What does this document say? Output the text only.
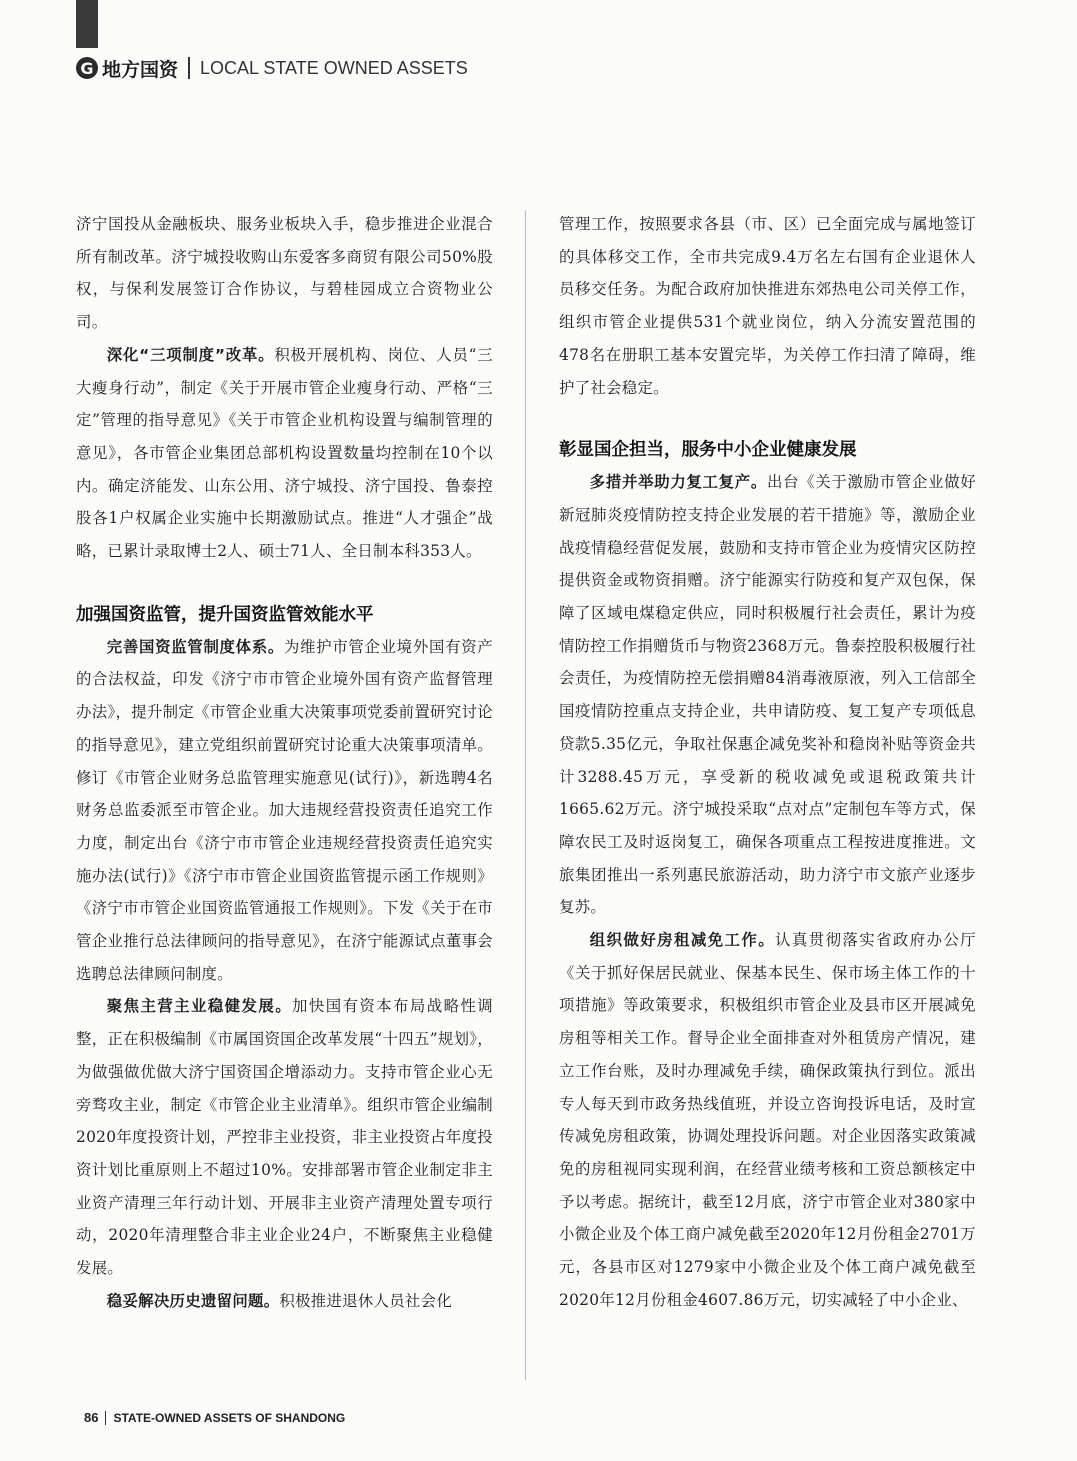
G 地方国资 LOCAL STATE OWNED ASSETS

济宁国投从金融板块、服务业板块入手，稳步推进企业混合所有制改革。济宁城投收购山东爱客多商贸有限公司50%股权，与保利发展签订合作协议，与碧桂园成立合资物业公司。

深化“三项制度”改革。积极开展机构、岗位、人员“三大瘦身行动”，制定《关于开展市管企业瘦身行动、严格“三定”管理的指导意见》《关于市管企业机构设置与编制管理的意见》，各市管企业集团总部机构设置数量均控制在10个以内。确定济能发、山东公用、济宁城投、济宁国投、鲁泰控股各1户权属企业实施中长期激励试点。推进“人才强企”战略，已累计录取博士2人、硕士71人、全日制本科353人。

加强国资监管，提升国资监管效能水平

完善国资监管制度体系。为维护市管企业境外国有资产的合法权益，印发《济宁市市管企业境外国有资产监督管理办法》，提升制定《市管企业重大决策事项党委前置研究讨论的指导意见》，建立党组织前置研究讨论重大决策事项清单。修订《市管企业财务总监管理实施意见(试行)》，新选聘4名财务总监委派至市管企业。加大违规经营投资责任追究工作力度，制定出台《济宁市市管企业违规经营投资责任追究实施办法(试行)》《济宁市市管企业国资监管提示函工作规则》《济宁市市管企业国资监管通报工作规则》。下发《关于在市管企业推行总法律顾问的指导意见》，在济宁能源试点董事会选聘总法律顾问制度。

聚焦主营主业稳健发展。加快国有资本布局战略性调整，正在积极编制《市属国资国企改革发展“十四五”规划》，为做强做优做大济宁国资国企增添动力。支持市管企业心无旁骛攻主业，制定《市管企业主业清单》。组织市管企业编制2020年度投资计划，严控非主业投资，非主业投资占年度投资计划比重原则上不超过10%。安排部署市管企业制定非主业资产清理三年行动计划、开展非主业资产清理处置专项行动，2020年清理整合非主业企业24户，不断聚焦主业稳健发展。

稳妥解决历史遗留问题。积极推进退休人员社会化

管理工作，按照要求各县（市、区）已全面完成与属地签订的具体移交工作，全市共完成9.4万名左右国有企业退休人员移交任务。为配合政府加快推进东郊热电公司关停工作，组织市管企业提供531个就业岗位，纳入分流安置范围的478名在册职工基本安置完毕，为关停工作扫清了障碍，维护了社会稳定。

彰显国企担当，服务中小企业健康发展

多措并举助力复工复产。出台《关于激励市管企业做好新冠肺炎疫情防控支持企业发展的若干措施》等，激励企业战疫情稳经营促发展，鼓励和支持市管企业为疫情灾区防控提供资金或物资捐赠。济宁能源实行防疫和复产双包保，保障了区域电煤稳定供应，同时积极履行社会责任，累计为疫情防控工作捐赠货币与物资2368万元。鲁泰控股积极履行社会责任，为疫情防控无偿捐赠84消毒液原液，列入工信部全国疫情防控重点支持企业，共申请防疫、复工复产专项低息贷款5.35亿元，争取社保惠企减免奖补和稳岗补贴等资金共计3288.45万元，享受新的税收减免或退税政策共计1665.62万元。济宁城投采取“点对点”定制包车等方式，保障农民工及时返岗复工，确保各项重点工程按进度推进。文旅集团推出一系列惠民旅游活动，助力济宁市文旅产业逐步复苏。

组织做好房租减免工作。认真贯彻落实省政府办公厅《关于抓好保居民就业、保基本民生、保市场主体工作的十项措施》等政策要求，积极组织市管企业及县市区开展减免房租等相关工作。督导企业全面排查对外租赁房产情况，建立工作台账，及时办理减免手续，确保政策执行到位。派出专人每天到市政务热线值班，并设立咨询投诉电话，及时宣传减免房租政策，协调处理投诉问题。对企业因落实政策减免的房租视同实现利润，在经营业绩考核和工资总额核定中予以考虑。据统计，截至12月底，济宁市管企业对380家中小微企业及个体工商户减免截至2020年12月份租金2701万元，各县市区对1279家中小微企业及个体工商户减免截至2020年12月份租金4607.86万元，切实减轻了中小企业、

86 STATE-OWNED ASSETS OF SHANDONG
